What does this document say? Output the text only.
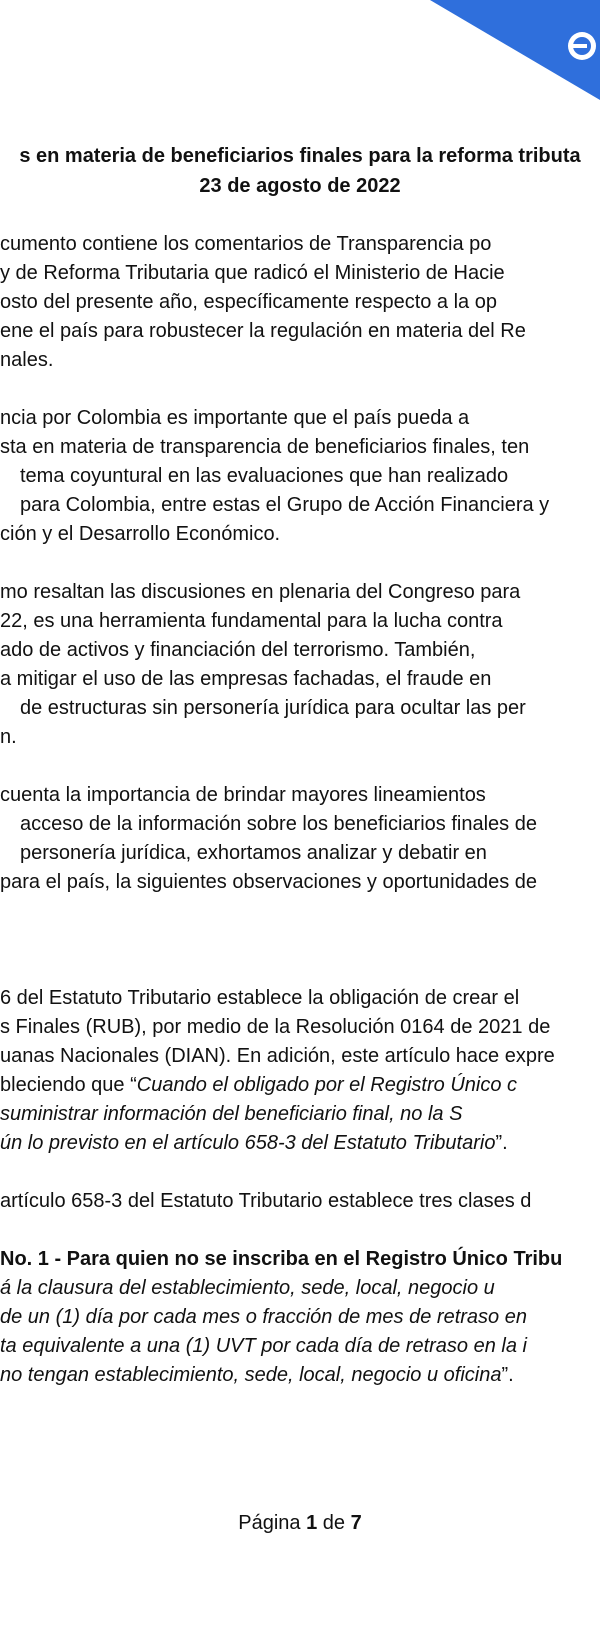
s en materia de beneficiarios finales para la reforma tributa
23 de agosto de 2022
cumento contiene los comentarios de Transparencia po
y de Reforma Tributaria que radicó el Ministerio de Hacie
osto del presente año, específicamente respecto a la op
ene el país para robustecer la regulación en materia del Re
nales.
ncia por Colombia es importante que el país pueda a
sta en materia de transparencia de beneficiarios finales, ten
tema coyuntural en las evaluaciones que han realizado
para Colombia, entre estas el Grupo de Acción Financiera y
ción y el Desarrollo Económico.
mo resaltan las discusiones en plenaria del Congreso para
22, es una herramienta fundamental para la lucha contra
ado de activos y financiación del terrorismo. También,
a mitigar el uso de las empresas fachadas, el fraude en
de estructuras sin personería jurídica para ocultar las per
n.
cuenta la importancia de brindar mayores lineamientos
acceso de la información sobre los beneficiarios finales de
personería jurídica, exhortamos analizar y debatir en
para el país, la siguientes observaciones y oportunidades de
6 del Estatuto Tributario establece la obligación de crear el
s Finales (RUB), por medio de la Resolución 0164 de 2021 de
uanas Nacionales (DIAN). En adición, este artículo hace expre
bleciendo que “Cuando el obligado por el Registro Único c
suministrar información del beneficiario final, no la S
ún lo previsto en el artículo 658-3 del Estatuto Tributario”.
artículo 658-3 del Estatuto Tributario establece tres clases d
No. 1 - Para quien no se inscriba en el Registro Único Tribu
á la clausura del establecimiento, sede, local, negocio u
de un (1) día por cada mes o fracción de mes de retraso en
ta equivalente a una (1) UVT por cada día de retraso en la i
no tengan establecimiento, sede, local, negocio u oficina”.
Página 1 de 7
